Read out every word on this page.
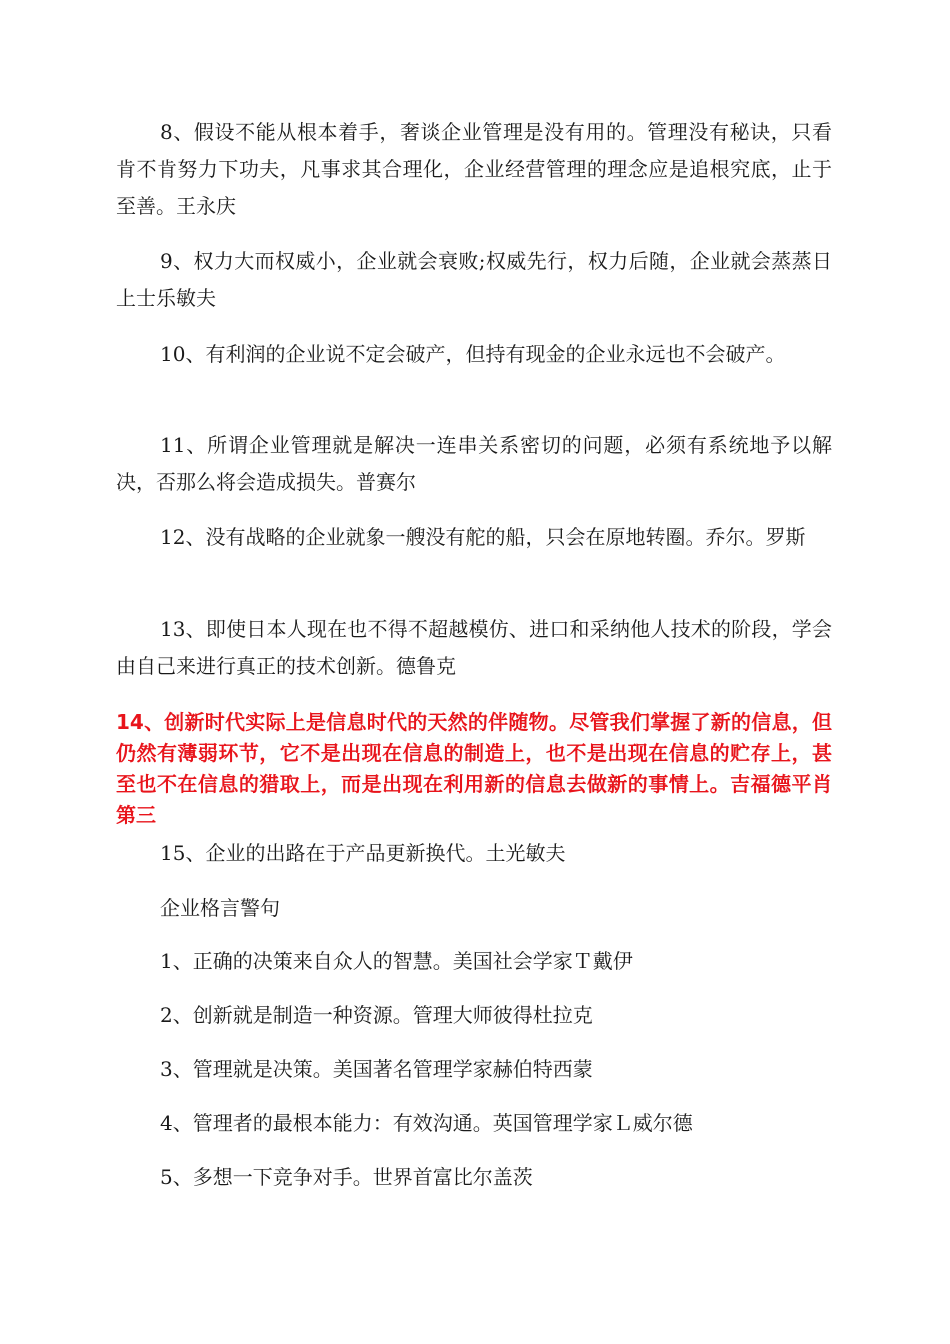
8、假设不能从根本着手，奢谈企业管理是没有用的。管理没有秘诀，只看肯不肯努力下功夫，凡事求其合理化，企业经营管理的理念应是追根究底，止于至善。王永庆

9、权力大而权威小，企业就会衰败;权威先行，权力后随，企业就会蒸蒸日上士乐敏夫

10、有利润的企业说不定会破产，但持有现金的企业永远也不会破产。

11、所谓企业管理就是解决一连串关系密切的问题，必须有系统地予以解决，否那么将会造成损失。普赛尔

12、没有战略的企业就象一艘没有舵的船，只会在原地转圈。乔尔。罗斯

13、即使日本人现在也不得不超越模仿、进口和采纳他人技术的阶段，学会由自己来进行真正的技术创新。德鲁克

14、创新时代实际上是信息时代的天然的伴随物。尽管我们掌握了新的信息，但仍然有薄弱环节，它不是出现在信息的制造上，也不是出现在信息的贮存上，甚至也不在信息的猎取上，而是出现在利用新的信息去做新的事情上。吉福德平肖第三

15、企业的出路在于产品更新换代。土光敏夫

企业格言警句

1、正确的决策来自众人的智慧。美国社会学家Ｔ戴伊

2、创新就是制造一种资源。管理大师彼得杜拉克

3、管理就是决策。美国著名管理学家赫伯特西蒙

4、管理者的最根本能力：有效沟通。英国管理学家Ｌ威尔德

5、多想一下竞争对手。世界首富比尔盖茨
